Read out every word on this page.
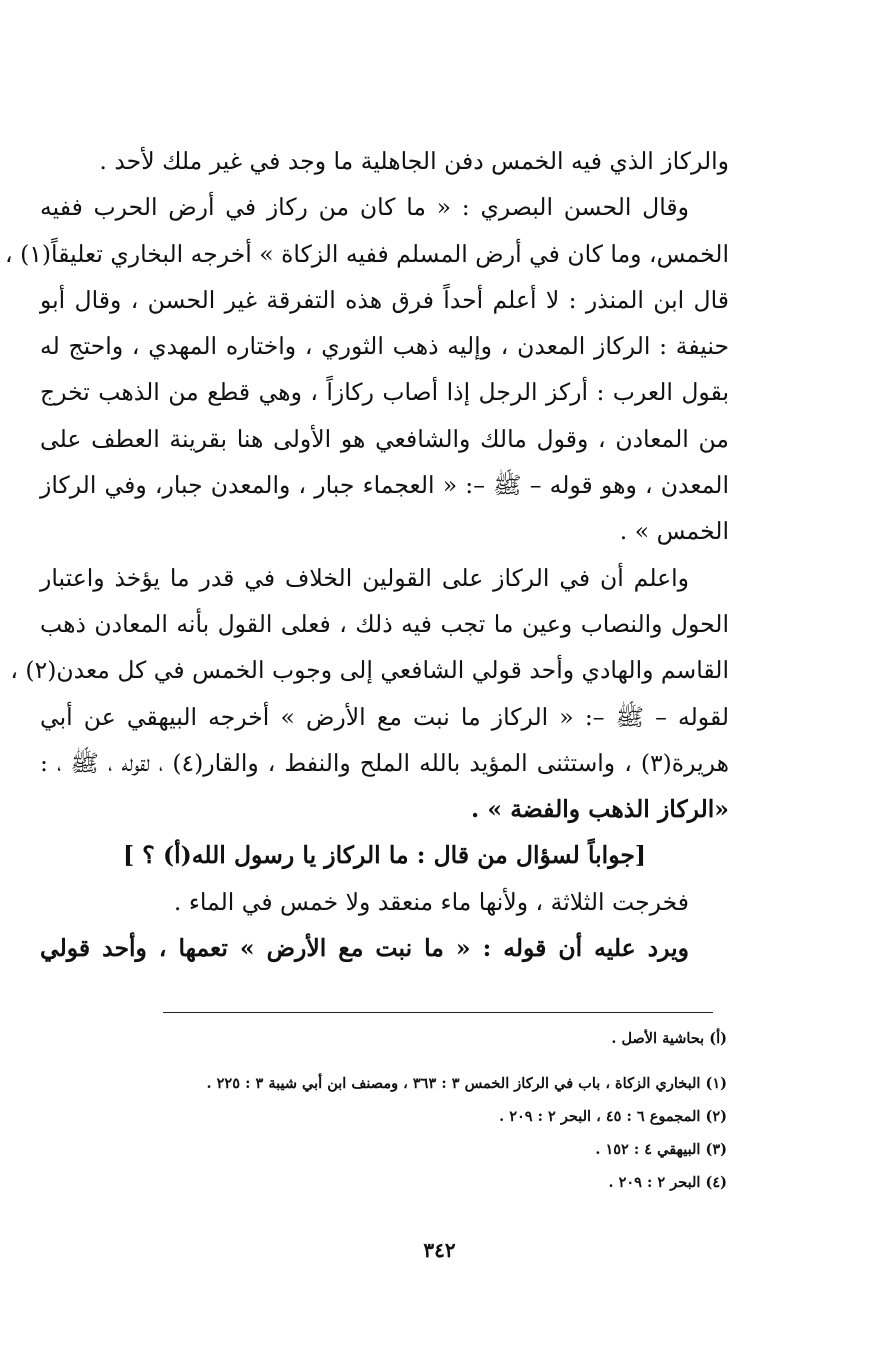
والركاز الذي فيه الخمس دفن الجاهلية ما وجد في غير ملك لأحد .
وقال الحسن البصري : « ما كان من ركاز في أرض الحرب ففيه
الخمس، وما كان في أرض المسلم ففيه الزكاة » أخرجه البخاري تعليقاً(١) ،
قال ابن المنذر : لا أعلم أحداً فرق هذه التفرقة غير الحسن ، وقال أبو
حنيفة : الركاز المعدن ، وإليه ذهب الثوري ، واختاره المهدي ، واحتج له
بقول العرب : أركز الرجل إذا أصاب ركازاً ، وهي قطع من الذهب تخرج
من المعادن ، وقول مالك والشافعي هو الأولى هنا بقرينة العطف على
المعدن ، وهو قوله – ﷺ –: « العجماء جبار ، والمعدن جبار، وفي الركاز
الخمس » .
واعلم أن في الركاز على القولين الخلاف في قدر ما يؤخذ واعتبار
الحول والنصاب وعين ما تجب فيه ذلك ، فعلى القول بأنه المعادن ذهب
القاسم والهادي وأحد قولي الشافعي إلى وجوب الخمس في كل معدن(٢) ،
لقوله – ﷺ –: « الركاز ما نبت مع الأرض » أخرجه البيهقي عن أبي
هريرة(٣) ، واستثنى المؤيد بالله الملح والنفط ، والقار(٤) ، لقوله ، ﷺ ، :
«الركاز الذهب والفضة » .
[جواباً لسؤال من قال : ما الركاز يا رسول الله(أ) ؟ ]
فخرجت الثلاثة ، ولأنها ماء منعقد ولا خمس في الماء .
ويرد عليه أن قوله : « ما نبت مع الأرض » تعمها ، وأحد قولي
(أ) بحاشية الأصل .
(١) البخاري الزكاة ، باب في الركاز الخمس ٣ : ٣٦٣ ، ومصنف ابن أبي شيبة ٣ : ٢٢٥ .
(٢) المجموع ٦ : ٤٥ ، البحر ٢ : ٢٠٩ .
(٣) البيهقي ٤ : ١٥٢ .
(٤) البحر ٢ : ٢٠٩ .
٣٤٢
